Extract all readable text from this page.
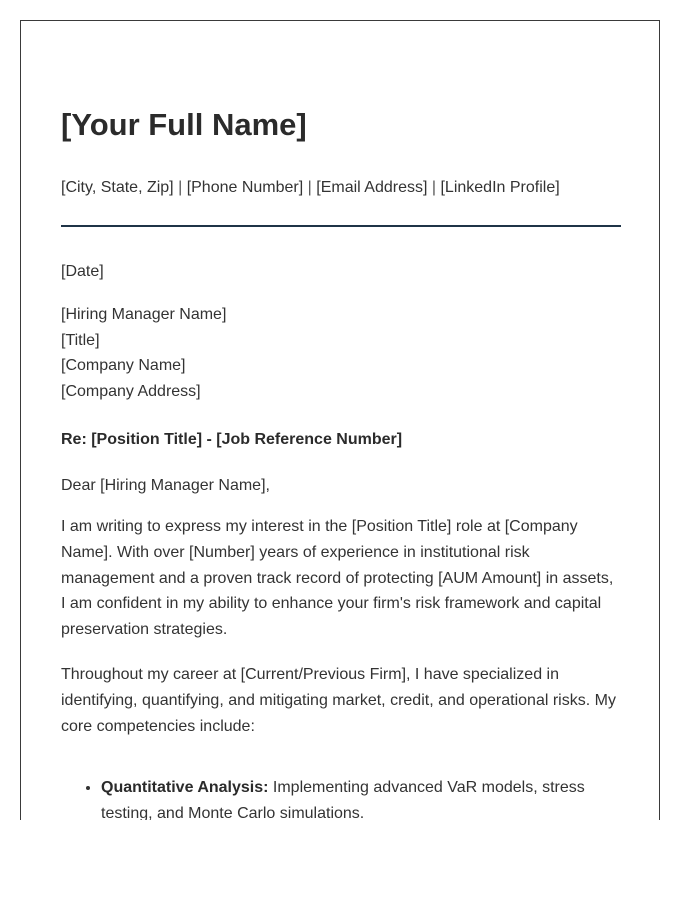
[Your Full Name]
[City, State, Zip] | [Phone Number] | [Email Address] | [LinkedIn Profile]
[Date]
[Hiring Manager Name]
[Title]
[Company Name]
[Company Address]
Re: [Position Title] - [Job Reference Number]
Dear [Hiring Manager Name],

I am writing to express my interest in the [Position Title] role at [Company Name]. With over [Number] years of experience in institutional risk management and a proven track record of protecting [AUM Amount] in assets, I am confident in my ability to enhance your firm's risk framework and capital preservation strategies.

Throughout my career at [Current/Previous Firm], I have specialized in identifying, quantifying, and mitigating market, credit, and operational risks. My core competencies include:

• Quantitative Analysis: Implementing advanced VaR models, stress testing, and Monte Carlo simulations.
